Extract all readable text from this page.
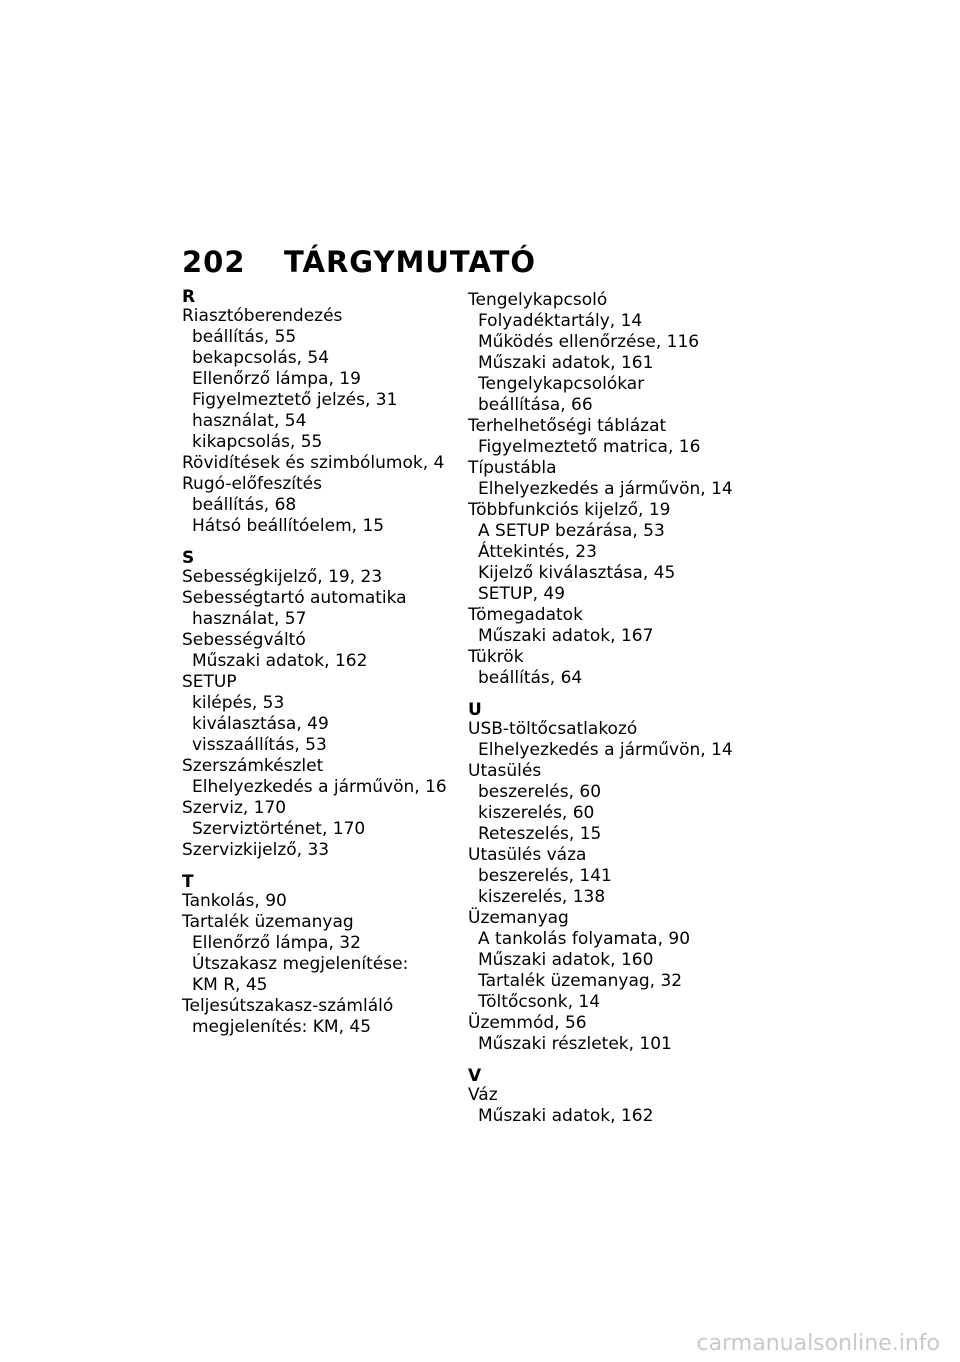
202 TÁRGYMUTATÓ
R
Riasztóberendezés
beállítás, 55
bekapcsolás, 54
Ellenőrző lámpa, 19
Figyelmeztető jelzés, 31
használat, 54
kikapcsolás, 55
Rövidítések és szimbólumok, 4
Rugó-előfeszítés
beállítás, 68
Hátsó beállítóelem, 15
S
Sebességkijelző, 19, 23
Sebességtartó automatika
használat, 57
Sebességváltó
Műszaki adatok, 162
SETUP
kilépés, 53
kiválasztása, 49
visszaállítás, 53
Szerszámkészlet
Elhelyezkedés a járművön, 16
Szerviz, 170
Szerviztörténet, 170
Szervizkijelző, 33
T
Tankolás, 90
Tartalék üzemanyag
Ellenőrző lámpa, 32
Útszakasz megjelenítése:
KM R, 45
Teljesútszakasz-számláló
megjelenítés: KM, 45
Tengelykapcsoló
Folyadéktartály, 14
Működés ellenőrzése, 116
Műszaki adatok, 161
Tengelykapcsolókar
beállítása, 66
Terhelhetőségi táblázat
Figyelmeztető matrica, 16
Típustábla
Elhelyezkedés a járművön, 14
Többfunkciós kijelző, 19
A SETUP bezárása, 53
Áttekintés, 23
Kijelző kiválasztása, 45
SETUP, 49
Tömegadatok
Műszaki adatok, 167
Tükrök
beállítás, 64
U
USB-töltőcsatlakozó
Elhelyezkedés a járművön, 14
Utasülés
beszerelés, 60
kiszerelés, 60
Reteszelés, 15
Utasülés váza
beszerelés, 141
kiszerelés, 138
Üzemanyag
A tankolás folyamata, 90
Műszaki adatok, 160
Tartalék üzemanyag, 32
Töltőcsonk, 14
Üzemmód, 56
Műszaki részletek, 101
V
Váz
Műszaki adatok, 162
carmanualsonline.info
